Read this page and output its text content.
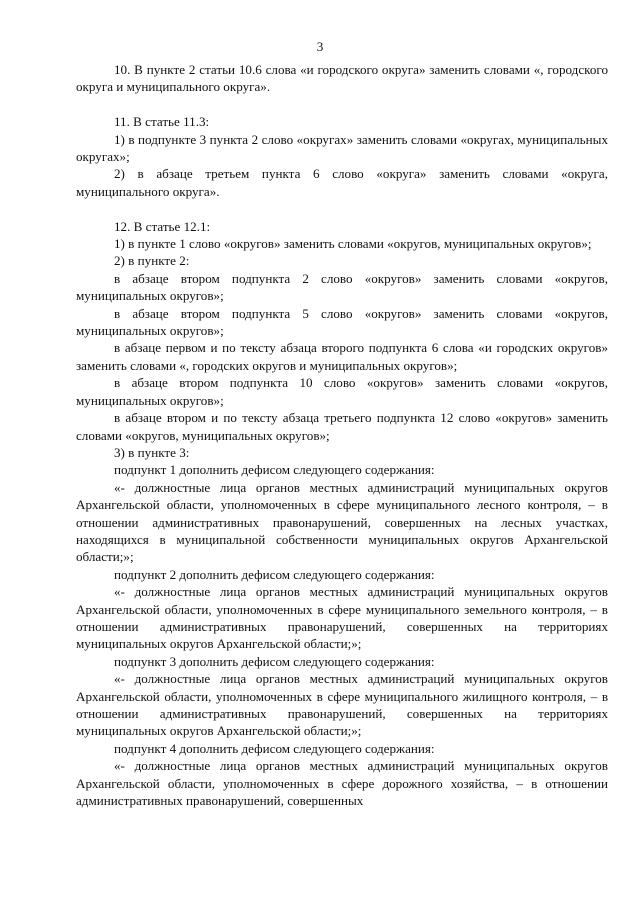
3

10. В пункте 2 статьи 10.6 слова «и городского округа» заменить словами «, городского округа и муниципального округа».

11. В статье 11.3:

1) в подпункте 3 пункта 2 слово «округах» заменить словами «округах, муниципальных округах»;

2) в абзаце третьем пункта 6 слово «округа» заменить словами «округа, муниципального округа».

12. В статье 12.1:

1) в пункте 1 слово «округов» заменить словами «округов, муниципальных округов»;

2) в пункте 2:

в абзаце втором подпункта 2 слово «округов» заменить словами «округов, муниципальных округов»;

в абзаце втором подпункта 5 слово «округов» заменить словами «округов, муниципальных округов»;

в абзаце первом и по тексту абзаца второго подпункта 6 слова «и городских округов» заменить словами «, городских округов и муниципальных округов»;

в абзаце втором подпункта 10 слово «округов» заменить словами «округов, муниципальных округов»;

в абзаце втором и по тексту абзаца третьего подпункта 12 слово «округов» заменить словами «округов, муниципальных округов»;

3) в пункте 3:

подпункт 1 дополнить дефисом следующего содержания:

«- должностные лица органов местных администраций муниципальных округов Архангельской области, уполномоченных в сфере муниципального лесного контроля, – в отношении административных правонарушений, совершенных на лесных участках, находящихся в муниципальной собственности муниципальных округов Архангельской области;»;

подпункт 2 дополнить дефисом следующего содержания:

«- должностные лица органов местных администраций муниципальных округов Архангельской области, уполномоченных в сфере муниципального земельного контроля, – в отношении административных правонарушений, совершенных на территориях муниципальных округов Архангельской области;»;

подпункт 3 дополнить дефисом следующего содержания:

«- должностные лица органов местных администраций муниципальных округов Архангельской области, уполномоченных в сфере муниципального жилищного контроля, – в отношении административных правонарушений, совершенных на территориях муниципальных округов Архангельской области;»;

подпункт 4 дополнить дефисом следующего содержания:

«- должностные лица органов местных администраций муниципальных округов Архангельской области, уполномоченных в сфере дорожного хозяйства, – в отношении административных правонарушений, совершенных
